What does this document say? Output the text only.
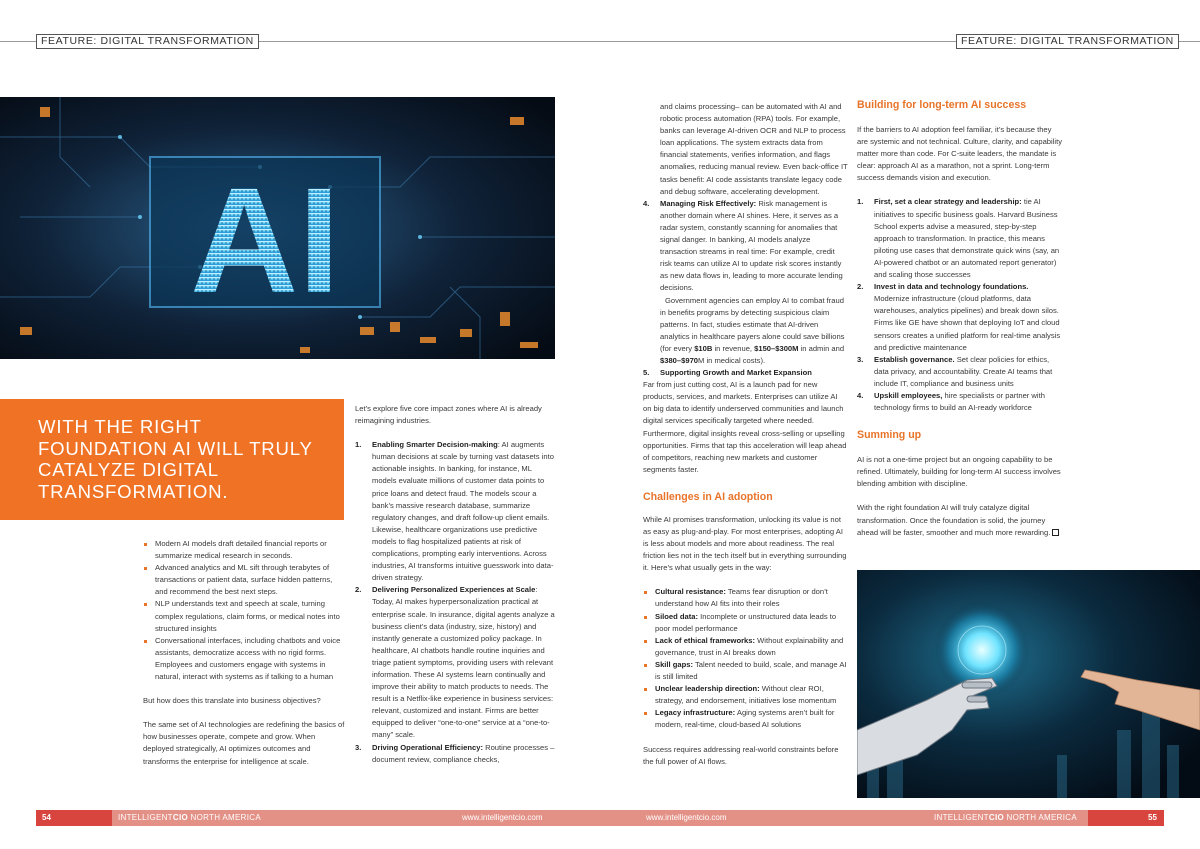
FEATURE: DIGITAL TRANSFORMATION	FEATURE: DIGITAL TRANSFORMATION
AI
WITH THE RIGHT FOUNDATION AI WILL TRULY CATALYZE DIGITAL TRANSFORMATION.
Modern AI models draft detailed financial reports or summarize medical research in seconds.
Advanced analytics and ML sift through terabytes of transactions or patient data, surface hidden patterns, and recommend the best next steps.
NLP understands text and speech at scale, turning complex regulations, claim forms, or medical notes into structured insights
Conversational interfaces, including chatbots and voice assistants, democratize access with no rigid forms. Employees and customers engage with systems in natural, interact with systems as if talking to a human

But how does this translate into business objectives?

The same set of AI technologies are redefining the basics of how businesses operate, compete and grow. When deployed strategically, AI optimizes outcomes and transforms the enterprise for intelligence at scale.

Let’s explore five core impact zones where AI is already reimagining industries.

1. Enabling Smarter Decision-making: AI augments human decisions at scale by turning vast datasets into actionable insights. In banking, for instance, ML models evaluate millions of customer data points to price loans and detect fraud. The models scour a bank’s massive research database, summarize regulatory changes, and draft follow-up client emails. Likewise, healthcare organizations use predictive models to flag hospitalized patients at risk of complications, prompting early interventions. Across industries, AI transforms intuitive guesswork into data-driven strategy.
2. Delivering Personalized Experiences at Scale: Today, AI makes hyperpersonalization practical at enterprise scale. In insurance, digital agents analyze a business client’s data (industry, size, history) and instantly generate a customized policy package. In healthcare, AI chatbots handle routine inquiries and triage patient symptoms, providing users with relevant information. These AI systems learn continually and improve their ability to match products to needs. The result is a Netflix-like experience in business services: relevant, customized and instant. Firms are better equipped to deliver “one-to-one” service at a “one-to-many” scale.
3. Driving Operational Efficiency: Routine processes – document review, compliance checks,

and claims processing– can be automated with AI and robotic process automation (RPA) tools. For example, banks can leverage AI-driven OCR and NLP to process loan applications. The system extracts data from financial statements, verifies information, and flags anomalies, reducing manual review. Even back-office IT tasks benefit: AI code assistants translate legacy code and debug software, accelerating development.

4. Managing Risk Effectively: Risk management is another domain where AI shines. Here, it serves as a radar system, constantly scanning for anomalies that signal danger. In banking, AI models analyze transaction streams in real time: For example, credit risk teams can utilize AI to update risk scores instantly as new data flows in, leading to more accurate lending decisions.

Government agencies can employ AI to combat fraud in benefits programs by detecting suspicious claim patterns. In fact, studies estimate that AI-driven analytics in healthcare payers alone could save billions (for every $10B in revenue, $150–$300M in admin and $380–$970M in medical costs).

5. Supporting Growth and Market Expansion

Far from just cutting cost, AI is a launch pad for new products, services, and markets. Enterprises can utilize AI on big data to identify underserved communities and launch digital services specifically targeted where needed. Furthermore, digital insights reveal cross-selling or upselling opportunities. Firms that tap this acceleration will leap ahead of competitors, reaching new markets and customer segments faster.

Challenges in AI adoption

While AI promises transformation, unlocking its value is not as easy as plug-and-play. For most enterprises, adopting AI is less about models and more about readiness. The real friction lies not in the tech itself but in everything surrounding it. Here’s what usually gets in the way:

Cultural resistance: Teams fear disruption or don’t understand how AI fits into their roles
Siloed data: Incomplete or unstructured data leads to poor model performance
Lack of ethical frameworks: Without explainability and governance, trust in AI breaks down
Skill gaps: Talent needed to build, scale, and manage AI is still limited
Unclear leadership direction: Without clear ROI, strategy, and endorsement, initiatives lose momentum
Legacy infrastructure: Aging systems aren’t built for modern, real-time, cloud-based AI solutions

Success requires addressing real-world constraints before the full power of AI flows.

Building for long-term AI success

If the barriers to AI adoption feel familiar, it’s because they are systemic and not technical. Culture, clarity, and capability matter more than code. For C-suite leaders, the mandate is clear: approach AI as a marathon, not a sprint. Long-term success demands vision and execution.

1. First, set a clear strategy and leadership: tie AI initiatives to specific business goals. Harvard Business School experts advise a measured, step-by-step approach to transformation. In practice, this means piloting use cases that demonstrate quick wins (say, an AI-powered chatbot or an automated report generator) and scaling those successes
2. Invest in data and technology foundations. Modernize infrastructure (cloud platforms, data warehouses, analytics pipelines) and break down silos. Firms like GE have shown that deploying IoT and cloud sensors creates a unified platform for real-time analysis and predictive maintenance
3. Establish governance. Set clear policies for ethics, data privacy, and accountability. Create AI teams that include IT, compliance and business units
4. Upskill employees, hire specialists or partner with technology firms to build an AI-ready workforce
Summing up

AI is not a one-time project but an ongoing capability to be refined. Ultimately, building for long-term AI success involves blending ambition with discipline.

With the right foundation AI will truly catalyze digital transformation. Once the foundation is solid, the journey ahead will be faster, smoother and much more rewarding.

54	INTELLIGENTCIO NORTH AMERICA	www.intelligentcio.com	www.intelligentcio.com	INTELLIGENTCIO NORTH AMERICA	55
